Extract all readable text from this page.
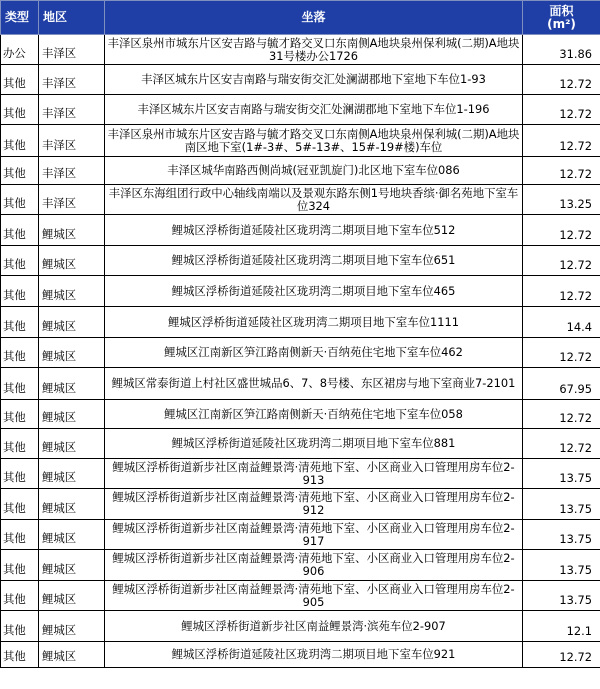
类型	地区	坐落	面积
(m²)

办公	丰泽区	丰泽区泉州市城东片区安吉路与毓才路交叉口东南侧A地块泉州保利城(二期)A地块31号楼办公1726	31.86
其他	丰泽区	丰泽区城东片区安吉南路与瑞安街交汇处澜湖郡地下室地下车位1-93	12.72
其他	丰泽区	丰泽区城东片区安吉南路与瑞安街交汇处澜湖郡地下室地下车位1-196	12.72
其他	丰泽区	丰泽区泉州市城东片区安吉路与毓才路交叉口东南侧A地块泉州保利城(二期)A地块南区地下室(1#-3#、5#-13#、15#-19#楼)车位	12.72
其他	丰泽区	丰泽区城华南路西侧尚城(冠亚凯旋门)北区地下室车位086	12.72
其他	丰泽区	丰泽区东海组团行政中心轴线南端以及景观东路东侧1号地块香缤·御名苑地下室车位324	13.25
其他	鲤城区	鲤城区浮桥街道延陵社区珑玥湾二期项目地下室车位512	12.72
其他	鲤城区	鲤城区浮桥街道延陵社区珑玥湾二期项目地下室车位651	12.72
其他	鲤城区	鲤城区浮桥街道延陵社区珑玥湾二期项目地下室车位465	12.72
其他	鲤城区	鲤城区浮桥街道延陵社区珑玥湾二期项目地下室车位1111	14.4
其他	鲤城区	鲤城区江南新区笋江路南侧新天·百纳苑住宅地下室车位462	12.72
其他	鲤城区	鲤城区常泰街道上村社区盛世城品6、7、8号楼、东区裙房与地下室商业7-2101	67.95
其他	鲤城区	鲤城区江南新区笋江路南侧新天·百纳苑住宅地下室车位058	12.72
其他	鲤城区	鲤城区浮桥街道延陵社区珑玥湾二期项目地下室车位881	12.72
其他	鲤城区	鲤城区浮桥街道新步社区南益鲤景湾·清苑地下室、小区商业入口管理用房车位2-913	13.75
其他	鲤城区	鲤城区浮桥街道新步社区南益鲤景湾·清苑地下室、小区商业入口管理用房车位2-912	13.75
其他	鲤城区	鲤城区浮桥街道新步社区南益鲤景湾·清苑地下室、小区商业入口管理用房车位2-917	13.75
其他	鲤城区	鲤城区浮桥街道新步社区南益鲤景湾·清苑地下室、小区商业入口管理用房车位2-906	13.75
其他	鲤城区	鲤城区浮桥街道新步社区南益鲤景湾·清苑地下室、小区商业入口管理用房车位2-905	13.75
其他	鲤城区	鲤城区浮桥街道新步社区南益鲤景湾·滨苑车位2-907	12.1
其他	鲤城区	鲤城区浮桥街道延陵社区珑玥湾二期项目地下室车位921	12.72
